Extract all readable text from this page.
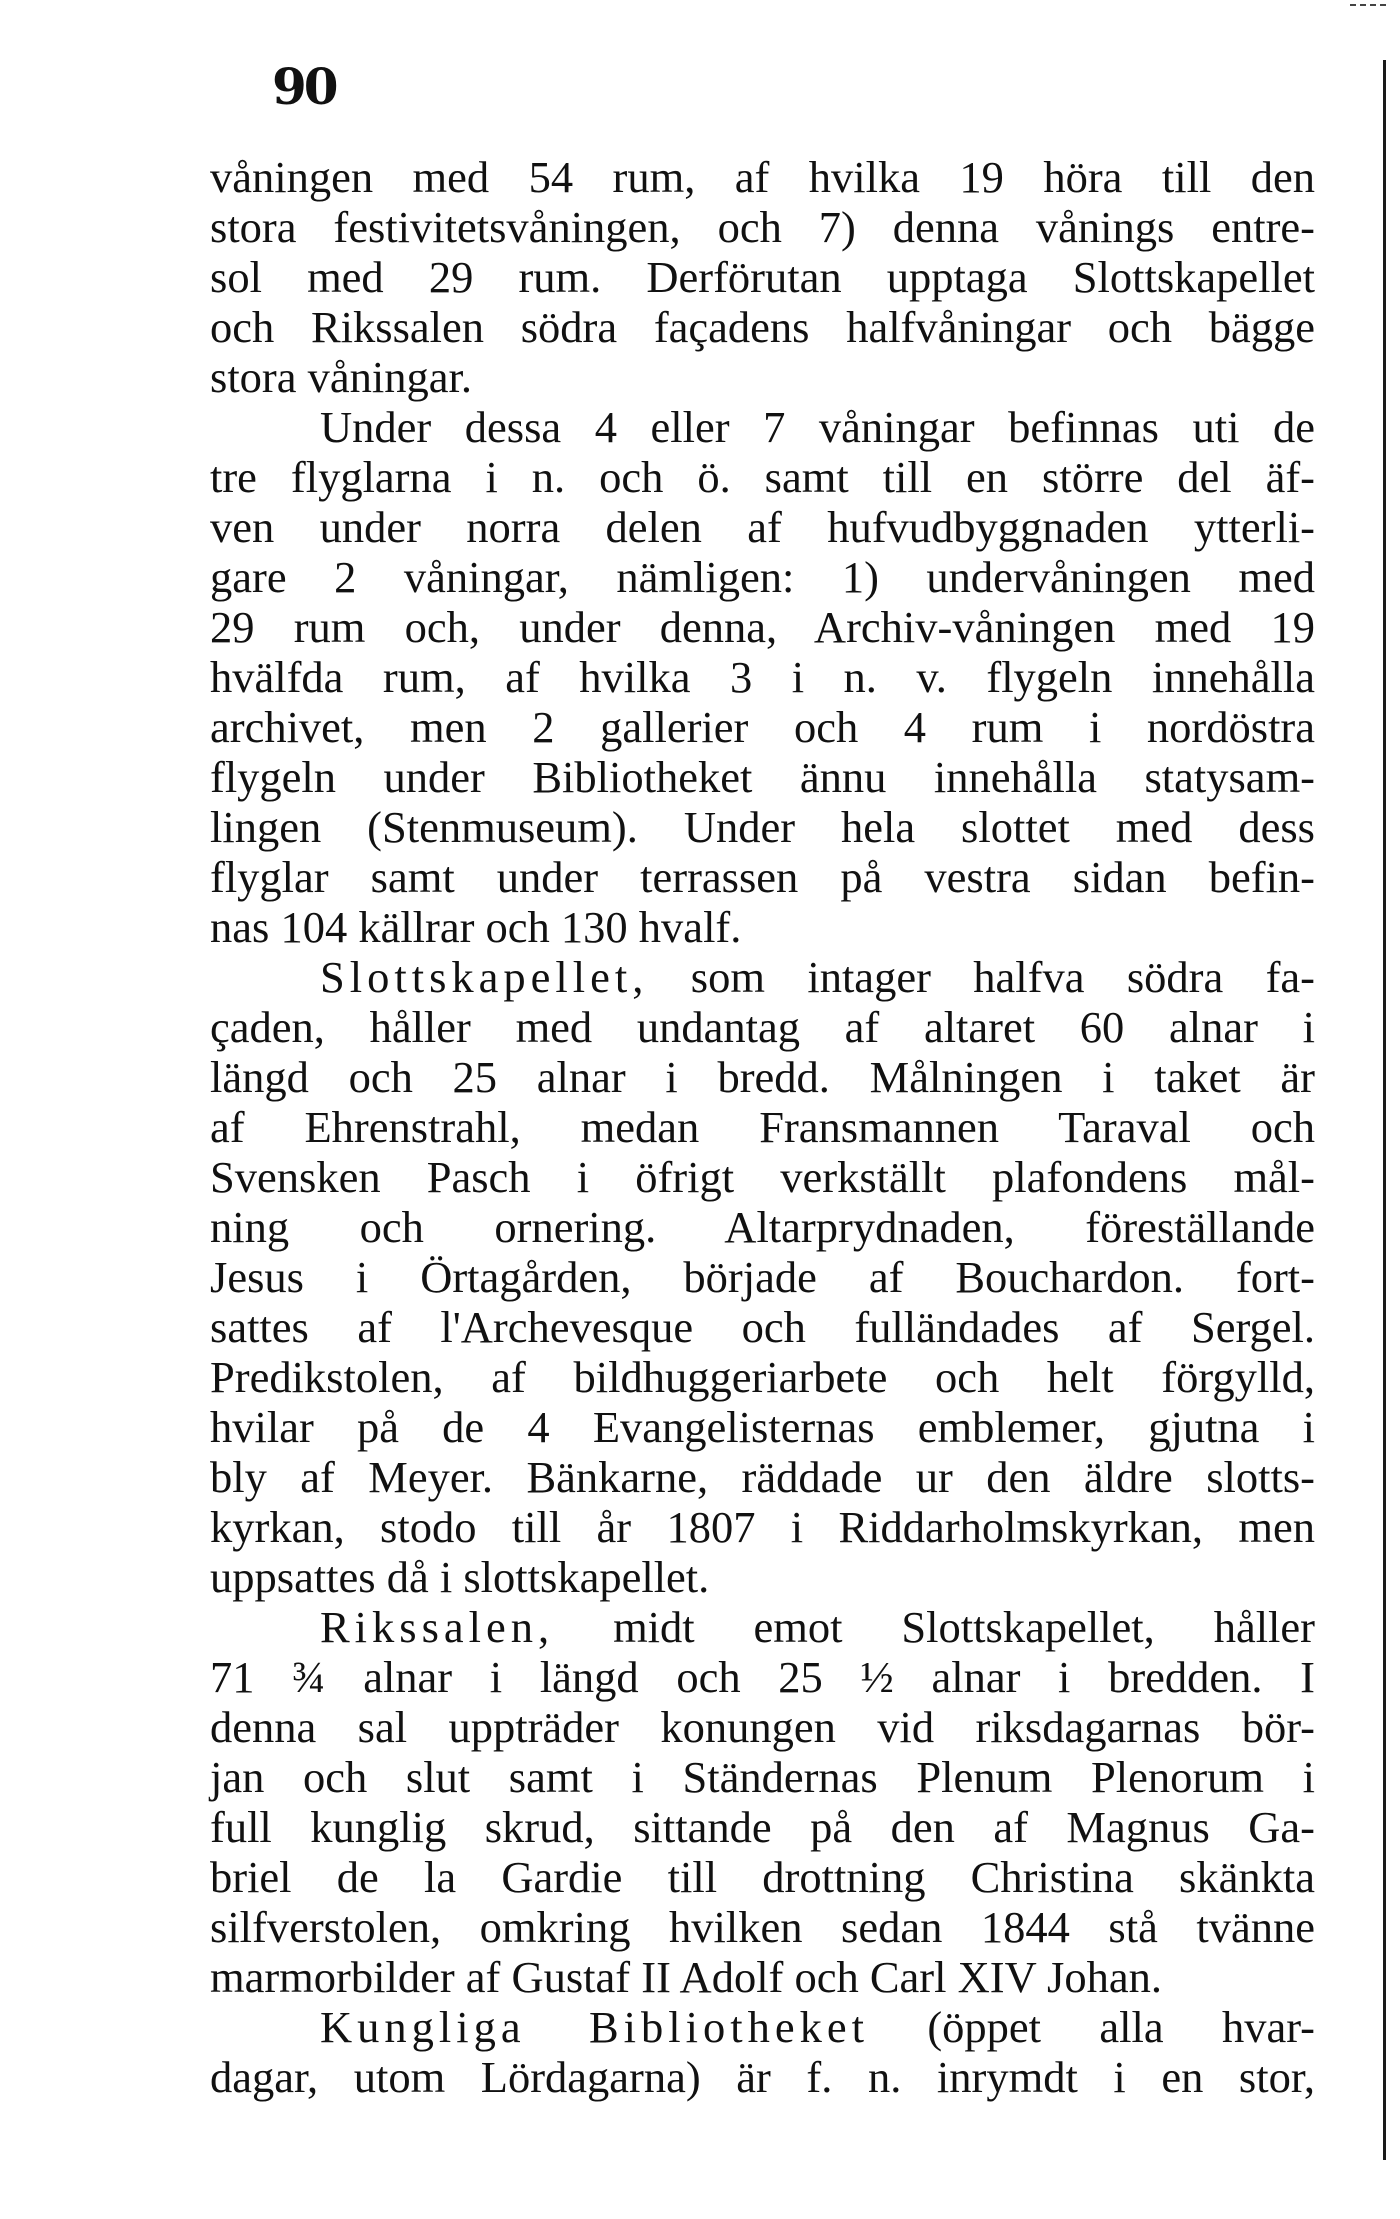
90
våningen med 54 rum, af hvilka 19 höra till den
stora festivitetsvåningen, och 7) denna vånings entre-
sol med 29 rum. Derförutan upptaga Slottskapellet
och Rikssalen södra façadens halfvåningar och bägge
stora våningar.
Under dessa 4 eller 7 våningar befinnas uti de
tre flyglarna i n. och ö. samt till en större del äf-
ven under norra delen af hufvudbyggnaden ytterli-
gare 2 våningar, nämligen: 1) undervåningen med
29 rum och, under denna, Archiv-våningen med 19
hvälfda rum, af hvilka 3 i n. v. flygeln innehålla
archivet, men 2 gallerier och 4 rum i nordöstra
flygeln under Bibliotheket ännu innehålla statysam-
lingen (Stenmuseum). Under hela slottet med dess
flyglar samt under terrassen på vestra sidan befin-
nas 104 källrar och 130 hvalf.
Slottskapellet, som intager halfva södra fa-
çaden, håller med undantag af altaret 60 alnar i
längd och 25 alnar i bredd. Målningen i taket är
af Ehrenstrahl, medan Fransmannen Taraval och
Svensken Pasch i öfrigt verkställt plafondens mål-
ning och ornering. Altarprydnaden, föreställande
Jesus i Örtagården, började af Bouchardon. fort-
sattes af l'Archevesque och fulländades af Sergel.
Predikstolen, af bildhuggeriarbete och helt förgylld,
hvilar på de 4 Evangelisternas emblemer, gjutna i
bly af Meyer. Bänkarne, räddade ur den äldre slotts-
kyrkan, stodo till år 1807 i Riddarholmskyrkan, men
uppsattes då i slottskapellet.
Rikssalen, midt emot Slottskapellet, håller
71 ¾ alnar i längd och 25 ½ alnar i bredden. I
denna sal uppträder konungen vid riksdagarnas bör-
jan och slut samt i Ständernas Plenum Plenorum i
full kunglig skrud, sittande på den af Magnus Ga-
briel de la Gardie till drottning Christina skänkta
silfverstolen, omkring hvilken sedan 1844 stå tvänne
marmorbilder af Gustaf II Adolf och Carl XIV Johan.
Kungliga Bibliotheket (öppet alla hvar-
dagar, utom Lördagarna) är f. n. inrymdt i en stor,
